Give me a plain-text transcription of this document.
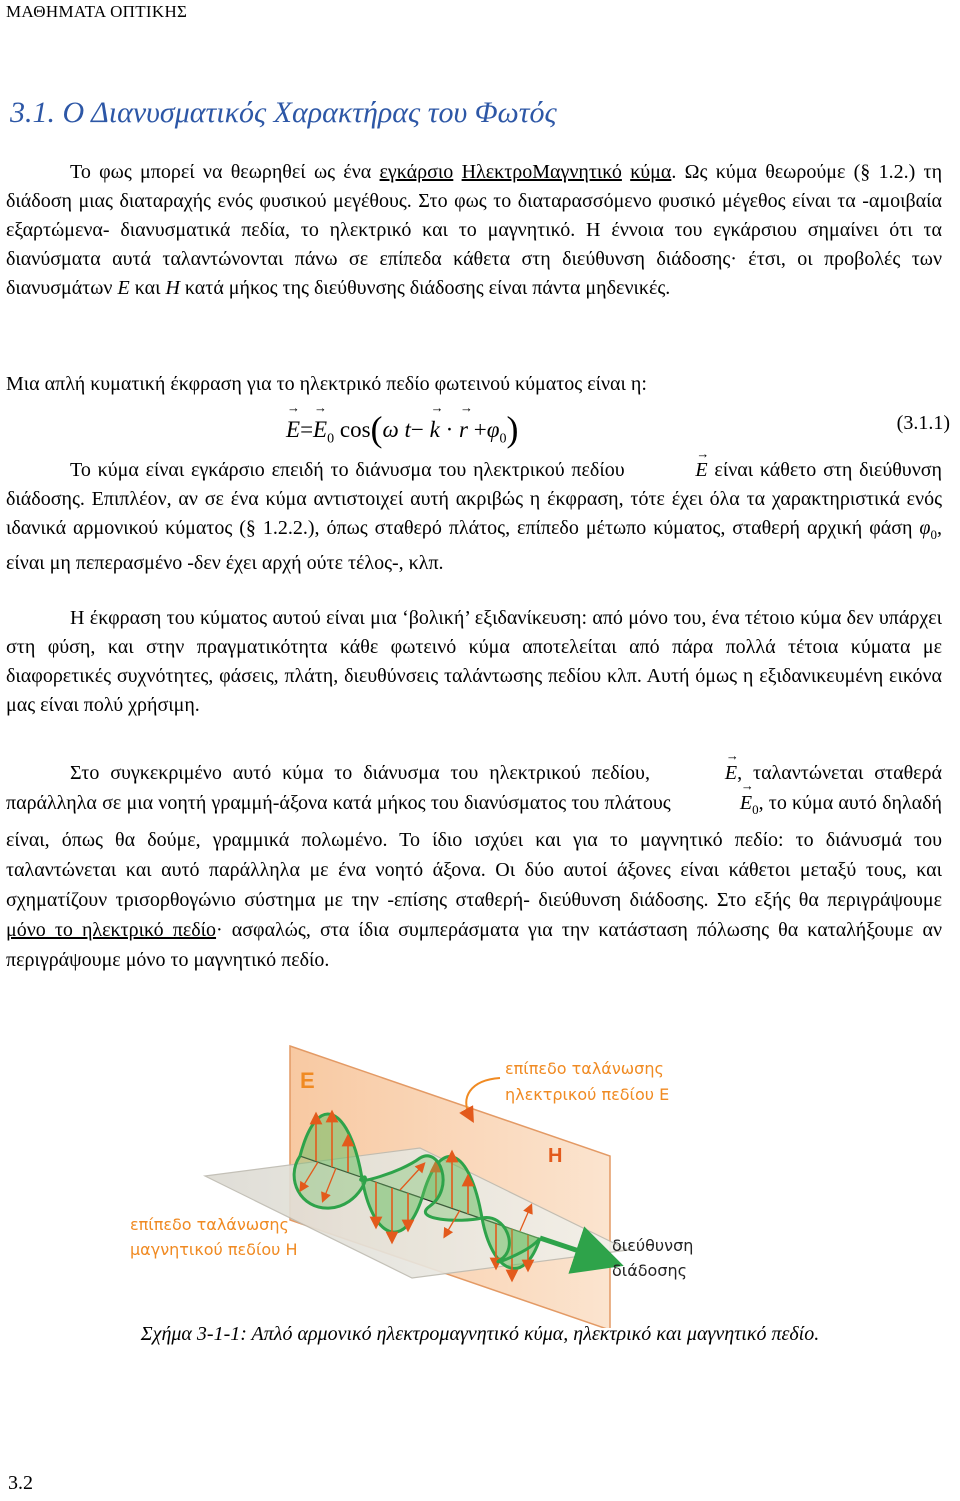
ΜΑΘΗΜΑΤΑ ΟΠΤΙΚΗΣ
3.1. Ο Διανυσματικός Χαρακτήρας του Φωτός

Το φως μπορεί να θεωρηθεί ως ένα εγκάρσιο ΗλεκτροΜαγνητικό κύμα. Ως κύμα θεωρούμε (§ 1.2.) τη διάδοση μιας διαταραχής ενός φυσικού μεγέθους. Στο φως το διαταρασσόμενο φυσικό μέγεθος είναι τα -αμοιβαία εξαρτώμενα- διανυσματικά πεδία, το ηλεκτρικό και το μαγνητικό. Η έννοια του εγκάρσιου σημαίνει ότι τα διανύσματα αυτά ταλαντώνονται πάνω σε επίπεδα κάθετα στη διεύθυνση διάδοσης· έτσι, οι προβολές των διανυσμάτων E και H κατά μήκος της διεύθυνσης διάδοσης είναι πάντα μηδενικές.

Μια απλή κυματική έκφραση για το ηλεκτρικό πεδίο φωτεινού κύματος είναι η:

→ $E=\to E_0$ cos(ω t− → k · → $r +\varphi_0$)	(3.1.1)

Το κύμα είναι εγκάρσιο επειδή το διάνυσμα του ηλεκτρικού πεδίου	→ E είναι κάθετο στη διεύθυνση διάδοσης. Επιπλέον, αν σε ένα κύμα αντιστοιχεί αυτή ακριβώς η έκφραση, τότε έχει όλα τα χαρακτηριστικά ενός ιδανικά αρμονικού κύματος (§ 1.2.2.), όπως σταθερό πλάτος, επίπεδο μέτωπο κύματος, σταθερή αρχική φάση $\varphi_0$, είναι μη πεπερασμένο -δεν έχει αρχή ούτε τέλος-, κλπ.

Η έκφραση του κύματος αυτού είναι μια ‘βολική’ εξιδανίκευση: από μόνο του, ένα τέτοιο κύμα δεν υπάρχει στη φύση, και στην πραγματικότητα κάθε φωτεινό κύμα αποτελείται από πάρα πολλά τέτοια κύματα με διαφορετικές συχνότητες, φάσεις, πλάτη, διευθύνσεις ταλάντωσης πεδίου κλπ. Αυτή όμως η εξιδανικευμένη εικόνα μας είναι πολύ χρήσιμη.

Στο συγκεκριμένο αυτό κύμα το διάνυσμα του ηλεκτρικού πεδίου,	→ E, ταλαντώνεται σταθερά παράλληλα σε μια νοητή γραμμή-άξονα κατά μήκος του διανύσματος του πλάτους	→ $E_0$, το κύμα αυτό δηλαδή είναι, όπως θα δούμε, γραμμικά πολωμένο. Το ίδιο ισχύει και για το μαγνητικό πεδίο: το διάνυσμά του ταλαντώνεται και αυτό παράλληλα με ένα νοητό άξονα. Οι δύο αυτοί άξονες είναι κάθετοι μεταξύ τους, και σχηματίζουν τρισορθογώνιο σύστημα με την -επίσης σταθερή- διεύθυνση διάδοσης. Στο εξής θα περιγράψουμε μόνο το ηλεκτρικό πεδίο· ασφαλώς, στα ίδια συμπεράσματα για την κατάσταση πόλωσης θα καταλήξουμε αν περιγράψουμε μόνο το μαγνητικό πεδίο.

E
H
επίπεδο ταλάνωσης
ηλεκτρικού πεδίου Ε
επίπεδο ταλάνωσης
μαγνητικού πεδίου Η	διεύθυνση
διάδοσης

Σχήμα 3-1-1: Απλό αρμονικό ηλεκτρομαγνητικό κύμα, ηλεκτρικό και μαγνητικό πεδίο.

3.2
